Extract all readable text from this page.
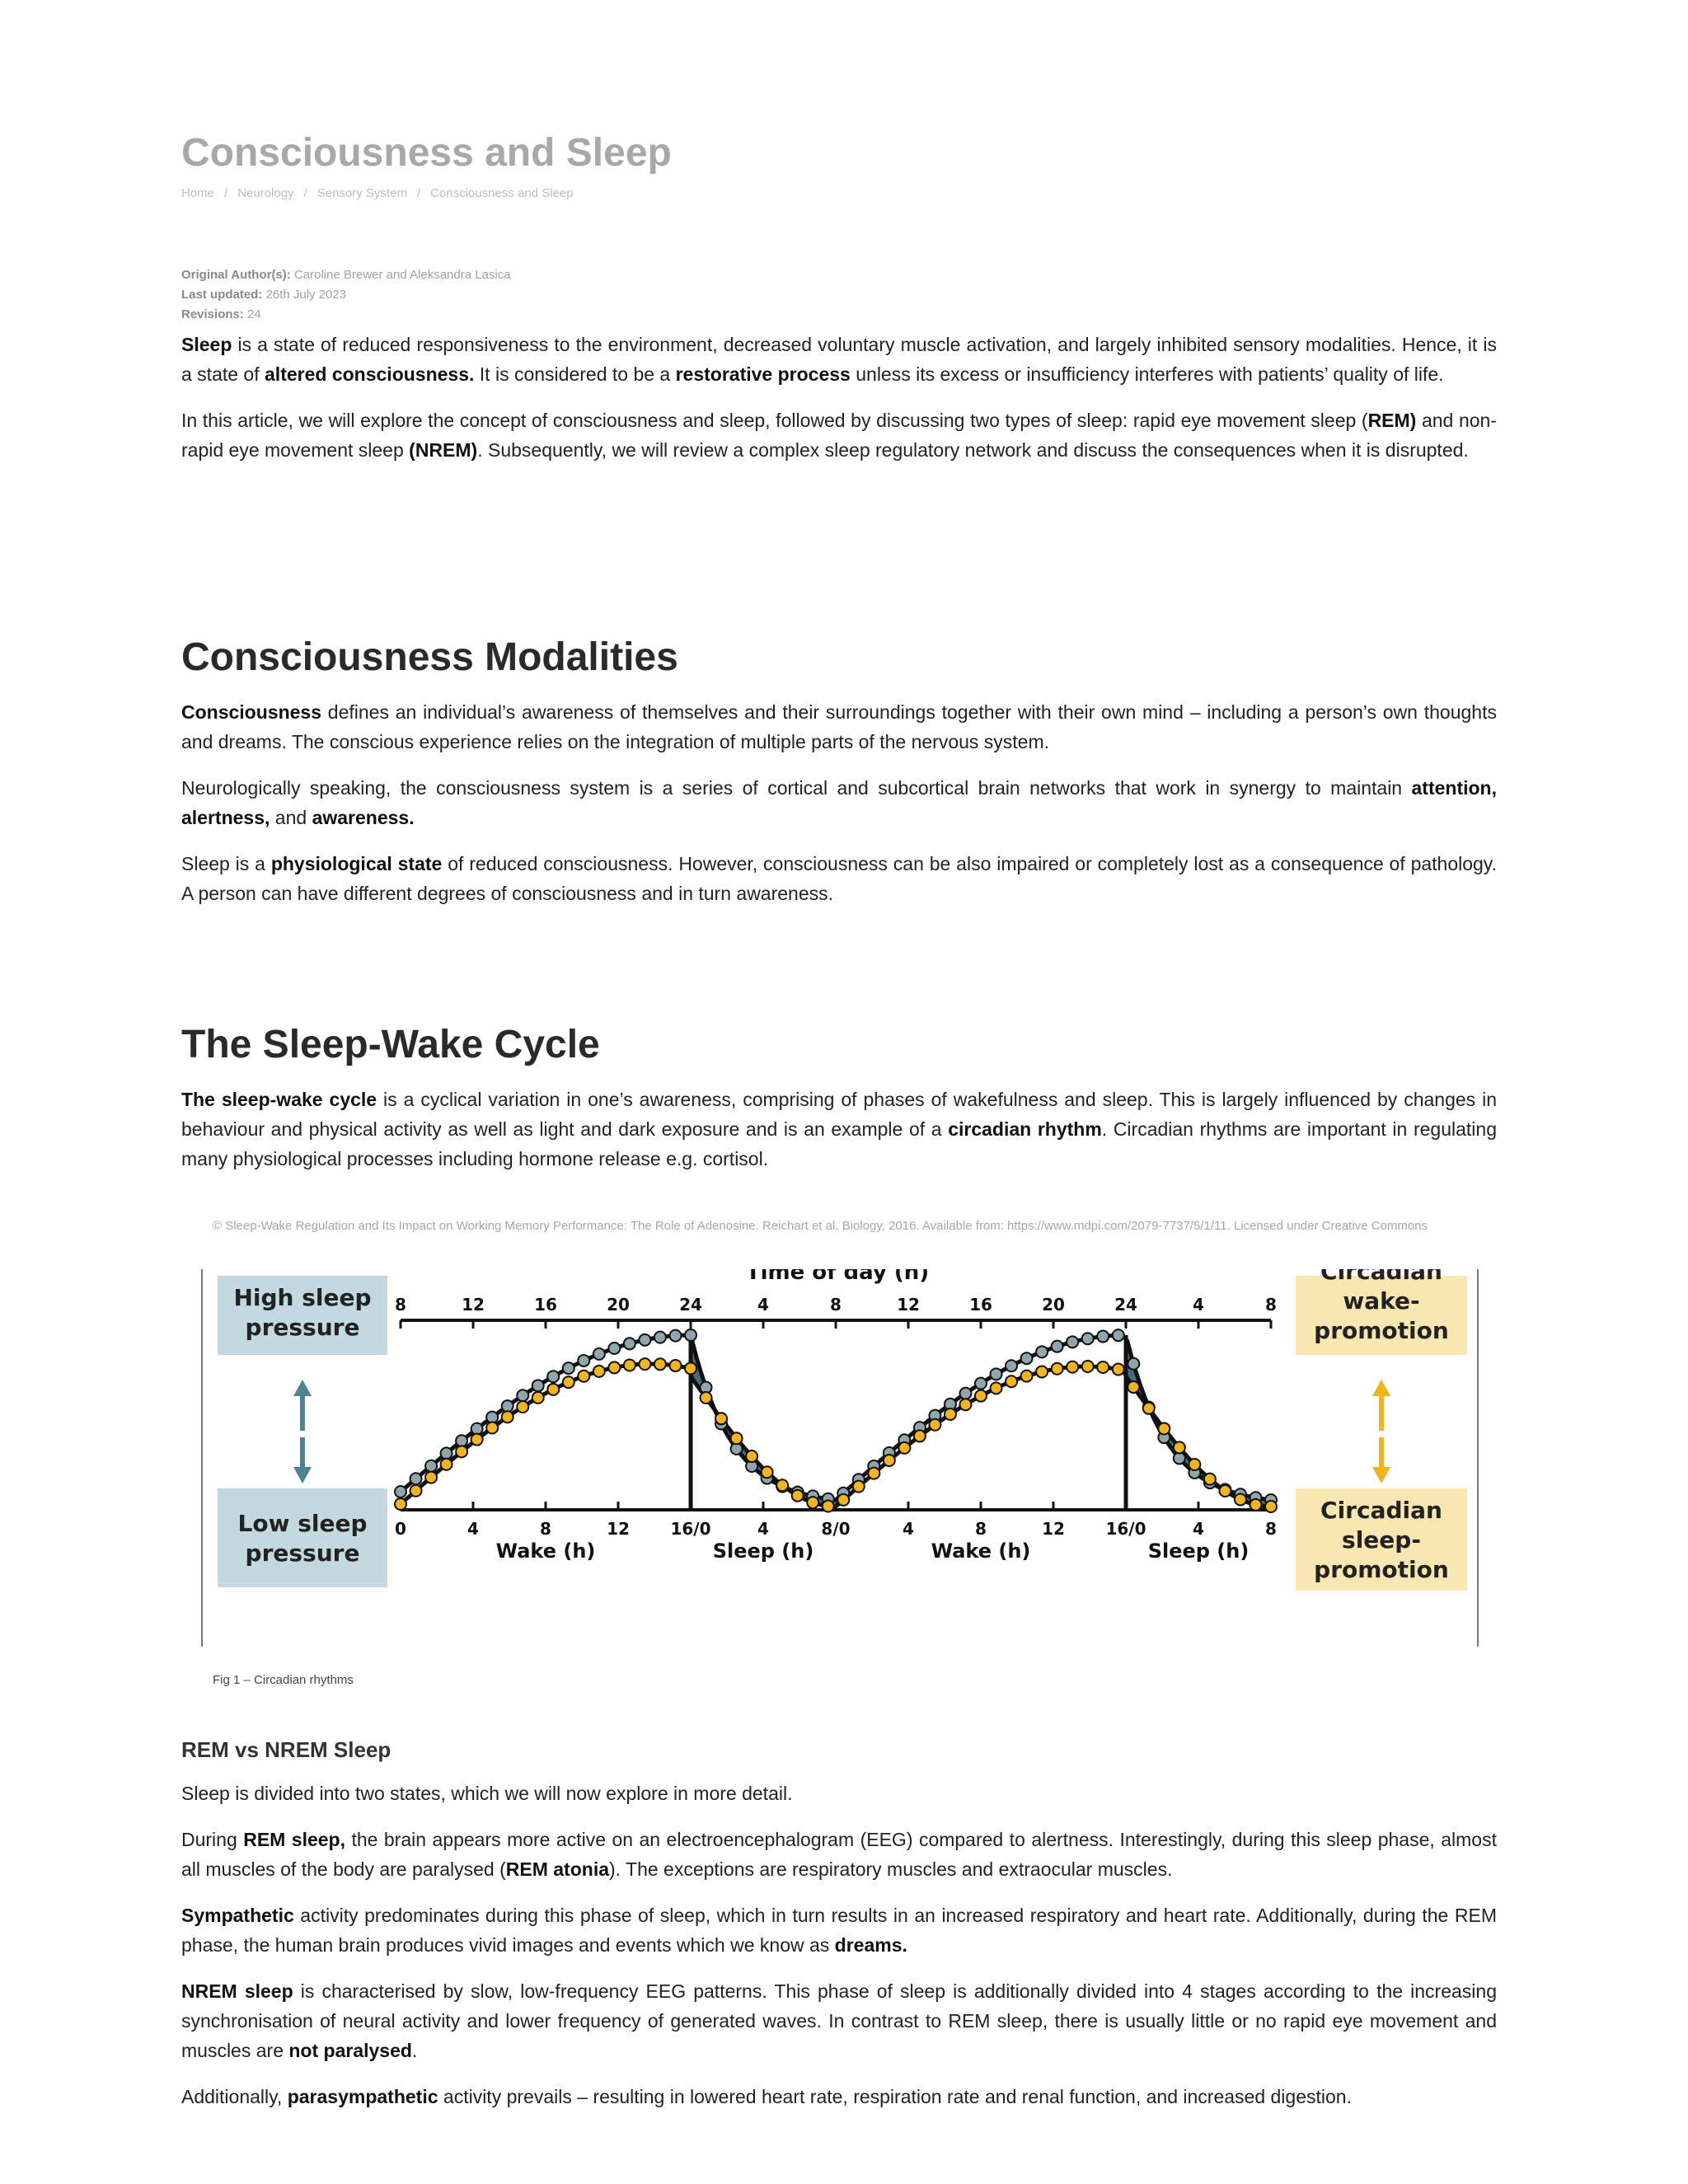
Consciousness and Sleep
Home / Neurology / Sensory System / Consciousness and Sleep
Original Author(s): Caroline Brewer and Aleksandra Lasica
Last updated: 26th July 2023
Revisions: 24

Sleep is a state of reduced responsiveness to the environment, decreased voluntary muscle activation, and largely inhibited sensory modalities. Hence, it is a state of altered consciousness. It is considered to be a restorative process unless its excess or insufficiency interferes with patients’ quality of life.

In this article, we will explore the concept of consciousness and sleep, followed by discussing two types of sleep: rapid eye movement sleep (REM) and non-rapid eye movement sleep (NREM). Subsequently, we will review a complex sleep regulatory network and discuss the consequences when it is disrupted.

Consciousness Modalities

Consciousness defines an individual’s awareness of themselves and their surroundings together with their own mind – including a person’s own thoughts and dreams. The conscious experience relies on the integration of multiple parts of the nervous system.

Neurologically speaking, the consciousness system is a series of cortical and subcortical brain networks that work in synergy to maintain attention, alertness, and awareness.

Sleep is a physiological state of reduced consciousness. However, consciousness can be also impaired or completely lost as a consequence of pathology. A person can have different degrees of consciousness and in turn awareness.

The Sleep-Wake Cycle

The sleep-wake cycle is a cyclical variation in one’s awareness, comprising of phases of wakefulness and sleep. This is largely influenced by changes in behaviour and physical activity as well as light and dark exposure and is an example of a circadian rhythm. Circadian rhythms are important in regulating many physiological processes including hormone release e.g. cortisol.

© Sleep-Wake Regulation and Its Impact on Working Memory Performance: The Role of Adenosine. Reichart et al. Biology, 2016. Available from: https://www.mdpi.com/2079-7737/5/1/11. Licensed under Creative Commons
Time of day (h)
High sleep
pressure
Low sleep
pressure
Circadian
wake-
promotion
Circadian
sleep-
promotion
8	12	16	20	24	4	8	12	16	20	24	4	8
0	4	8	12 16/0	4	8/0	4	8	12 16/0	4	8
Wake (h)	Sleep (h)	Wake (h)	Sleep (h)
Fig 1 – Circadian rhythms
REM vs NREM Sleep

Sleep is divided into two states, which we will now explore in more detail.

During REM sleep, the brain appears more active on an electroencephalogram (EEG) compared to alertness. Interestingly, during this sleep phase, almost all muscles of the body are paralysed (REM atonia). The exceptions are respiratory muscles and extraocular muscles.

Sympathetic activity predominates during this phase of sleep, which in turn results in an increased respiratory and heart rate. Additionally, during the REM phase, the human brain produces vivid images and events which we know as dreams.

NREM sleep is characterised by slow, low-frequency EEG patterns. This phase of sleep is additionally divided into 4 stages according to the increasing synchronisation of neural activity and lower frequency of generated waves. In contrast to REM sleep, there is usually little or no rapid eye movement and muscles are not paralysed.

Additionally, parasympathetic activity prevails – resulting in lowered heart rate, respiration rate and renal function, and increased digestion.
